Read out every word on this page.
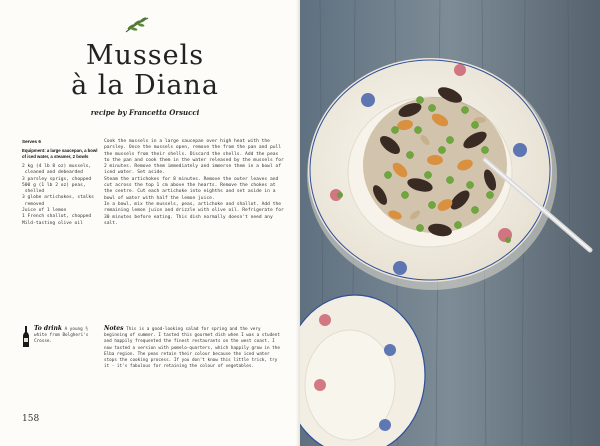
Mussels
à la Diana
recipe by Francetta Orsucci
Serves 6
Equipment: a large saucepan, a bowl of iced water, a steamer, 2 bowls
2 kg (4 lb 8 oz) mussels,
cleaned and debearded
3 parsley sprigs, chopped
500 g (1 lb 2 oz) peas,
shelled
3 globe artichokes, stalks
removed
Juice of 1 lemon
1 French shallot, chopped
Mild-tasting olive oil

Cook the mussels in a large saucepan over high heat with the parsley. Once the mussels open, remove the from the pan and pull the mussels from their shells. Discard the shells. Add the peas to the pan and cook them in the water released by the mussels for 2 minutes. Remove them immediately and immerse them in a bowl of iced water. Set aside.

Steam the artichokes for 8 minutes. Remove the outer leaves and cut across the top 1 cm above the hearts. Remove the chokes at the centre. Cut each artichoke into eighths and set aside in a bowl of water with half the lemon juice.

In a bowl, mix the mussels, peas, artichoke and shallot. Add the remaining lemon juice and drizzle with olive oil. Refrigerate for 30 minutes before eating. This dish normally doesn't need any salt.

To drink A young ½ white from Bolgheri's Crosse.
Notes This is a good-looking salad for spring and the very beginning of summer. I tasted this gourmet dish when I was a student and happily frequented the finest restaurants on the west coast. I now tasted a version with pomelo-quarters, which happily grow in the Elba region. The peas retain their colour because the iced water stops the cooking process. If you don't know this little trick, try it - it's fabulous for retaining the colour of vegetables.
158
